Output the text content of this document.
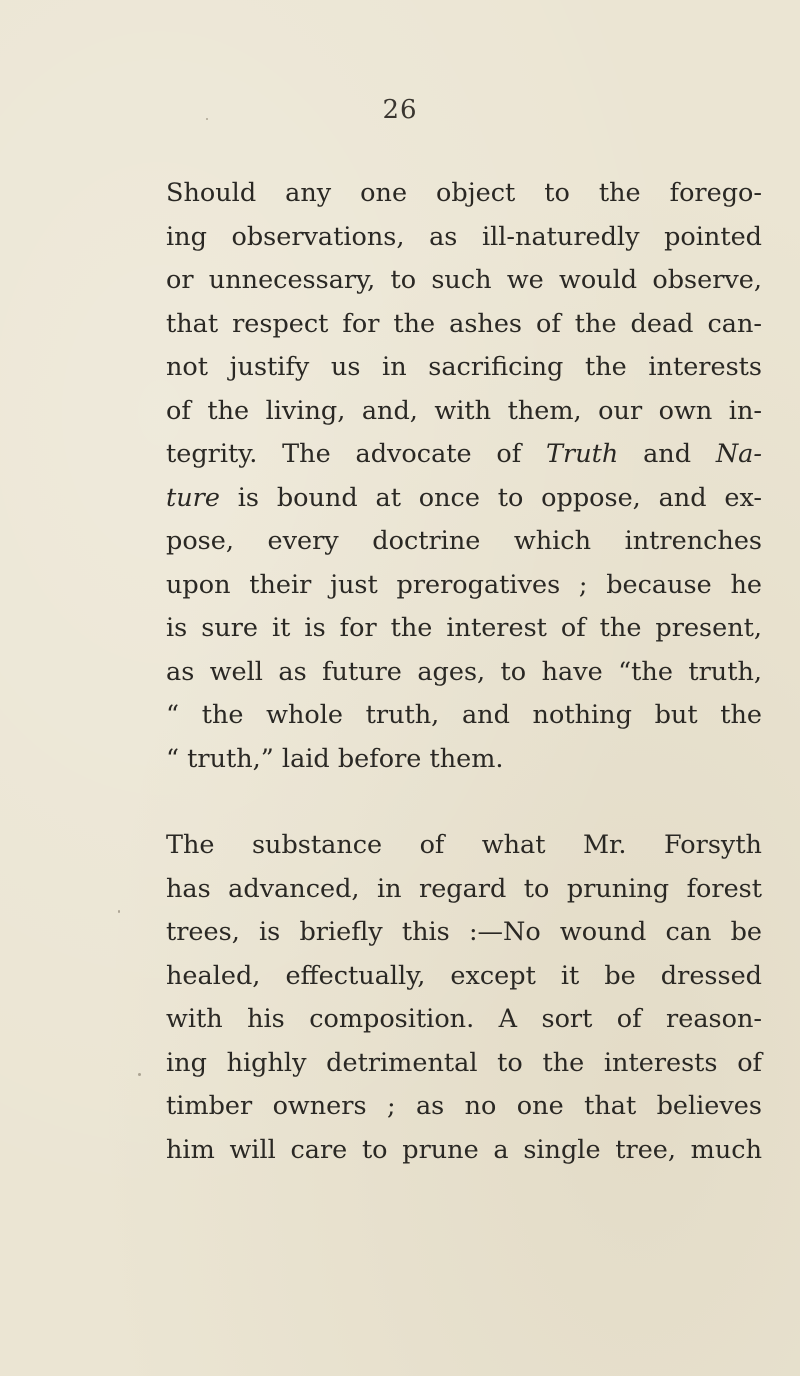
26
Should any one object to the forego-
ing observations, as ill-naturedly pointed
or unnecessary, to such we would observe,
that respect for the ashes of the dead can-
not justify us in sacrificing the interests
of the living, and, with them, our own in-
tegrity. The advocate of Truth and Na-
ture is bound at once to oppose, and ex-
pose, every doctrine which intrenches
upon their just prerogatives ; because he
is sure it is for the interest of the present,
as well as future ages, to have “the truth,
“ the whole truth, and nothing but the
“ truth,” laid before them.
The substance of what Mr. Forsyth
has advanced, in regard to pruning forest
trees, is briefly this :—No wound can be
healed, effectually, except it be dressed
with his composition. A sort of reason-
ing highly detrimental to the interests of
timber owners ; as no one that believes
him will care to prune a single tree, much
